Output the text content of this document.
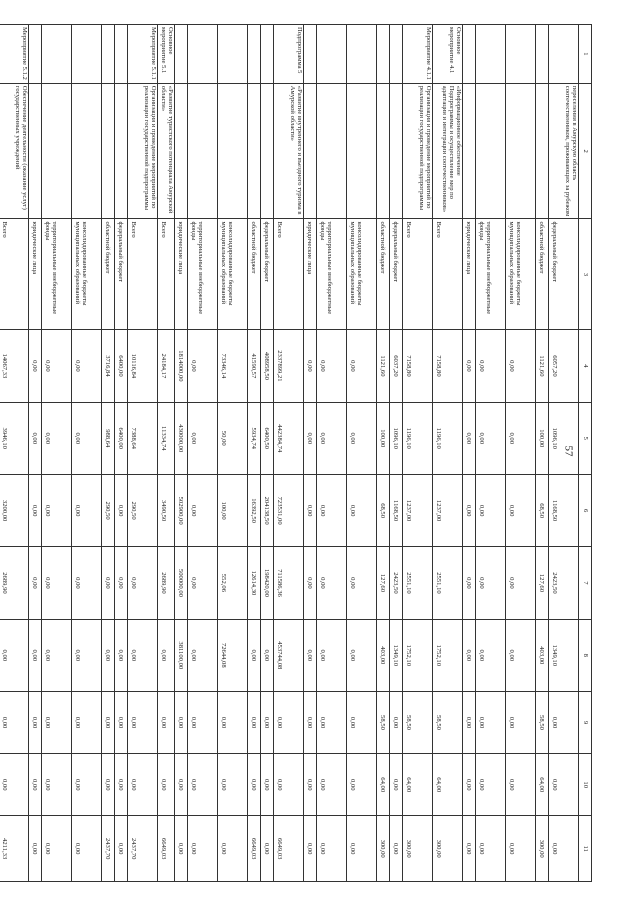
57
1	2	3	4	5	6	7	8	9	10	11
	переселения в Амурскую область соотечественников, проживающих за рубежом	федеральный бюджет	6057,20	1096,10	1168,50	2423,50	1349,10	0,00	0,00	0,00
		областной бюджет	1121,60	100,00	68,50	127,60	403,00	58,50	64,00	300,00
		консолидированные бюджеты муниципальных образований	0,00	0,00	0,00	0,00	0,00	0,00	0,00	0,00
		территориальные внебюджетные фонды	0,00	0,00	0,00	0,00	0,00	0,00	0,00	0,00
		юридические лица	0,00	0,00	0,00	0,00	0,00	0,00	0,00	0,00
Основное мероприятие 4.1	«Информационное обеспечение Подпрограммы и осуществление мер по адаптации и интеграции соотечественников»	Всего	7158,80	1196,10	1237,00	2551,10	1752,10	58,50	64,00	300,00
Мероприятие 4.1.1	Организация и проведение мероприятий по реализации государственной подпрограммы	Всего	7158,80	1196,10	1237,00	2551,10	1752,10	58,50	64,00	300,00
		федеральный бюджет	6037,20	1096,10	1168,50	2423,50	1349,10	0,00	0,00	0,00
		областной бюджет	1121,60	100,00	68,50	127,60	403,00	58,50	64,00	300,00
		консолидированные бюджеты муниципальных образований	0,00	0,00	0,00	0,00	0,00	0,00	0,00	0,00
		территориальные внебюджетные фонды	0,00	0,00	0,00	0,00	0,00	0,00	0,00	0,00
		юридические лица	0,00	0,00	0,00	0,00	0,00	0,00	0,00	0,00
Подпрограмма 5	«Развитие внутреннего и въездного туризма в Амурской области»	Всего	2337899,21	442384,74	723531,00	711586,36	453744,08	0,00	0,00	6649,03
		федеральный бюджет	408958,50	6400,50	204138,50	198420,00	0,00	0,00	0,00	0,00
		областной бюджет	41590,57	5934,74	16392,50	12614,30	0,00	0,00	0,00	6649,03
		консолидированные бюджеты муниципальных образований	73346,14	50,00	100,00	552,06	72644,08	0,00	0,00	0,00
		территориальные внебюджетные фонды	0,00	0,00	0,00	0,00	0,00	0,00	0,00	0,00
		юридические лица	1814000,00	430000,00	502900,00	500000,00	381100,00	0,00	0,00	0,00
Основное мероприятие 5.1	«Развитие туристского потенциала Амурской области»	Всего	24184,17	11334,74	3490,50	2689,90	0,00	0,00	0,00	6649,03
Мероприятие 5.1.1	Организация и проведение мероприятий по реализации государственной подпрограммы	Всего	10116,84	7388,64	290,50	0,00	0,00	0,00	0,00	2437,70
		федеральный бюджет	6400,00	6400,00	0,00	0,00	0,00	0,00	0,00	0,00
		областной бюджет	3716,84	988,64	290,50	0,00	0,00	0,00	0,00	2437,70
		консолидированные бюджеты муниципальных образований	0,00	0,00	0,00	0,00	0,00	0,00	0,00	0,00
		территориальные внебюджетные фонды	0,00	0,00	0,00	0,00	0,00	0,00	0,00	0,00
		юридические лица	0,00	0,00	0,00	0,00	0,00	0,00	0,00	0,00
Мероприятие 5.1.2	Обеспечение деятельности (оказание услуг) государственных учреждений	Всего	14067,33	3946,10	3200,00	2689,90	0,00	0,00	0,00	4211,33
